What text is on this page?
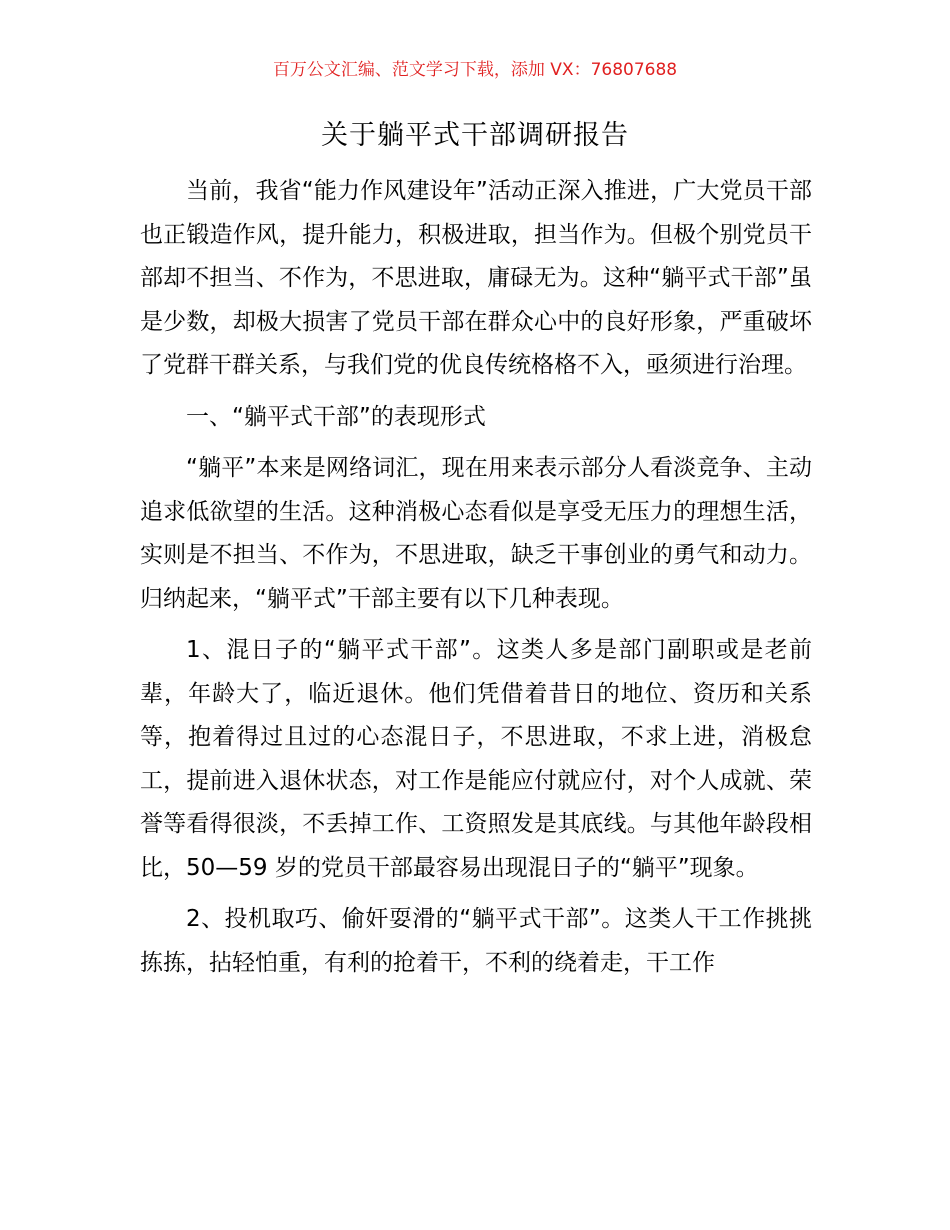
百万公文汇编、范文学习下载，添加 VX：76807688
关于躺平式干部调研报告

当前，我省“能力作风建设年”活动正深入推进，广大党员干部也正锻造作风，提升能力，积极进取，担当作为。但极个别党员干部却不担当、不作为，不思进取，庸碌无为。这种“躺平式干部”虽是少数，却极大损害了党员干部在群众心中的良好形象，严重破坏了党群干群关系，与我们党的优良传统格格不入，亟须进行治理。

一、“躺平式干部”的表现形式

“躺平”本来是网络词汇，现在用来表示部分人看淡竞争、主动追求低欲望的生活。这种消极心态看似是享受无压力的理想生活，实则是不担当、不作为，不思进取，缺乏干事创业的勇气和动力。归纳起来，“躺平式”干部主要有以下几种表现。

1、混日子的“躺平式干部”。这类人多是部门副职或是老前辈，年龄大了，临近退休。他们凭借着昔日的地位、资历和关系等，抱着得过且过的心态混日子，不思进取，不求上进，消极怠工，提前进入退休状态，对工作是能应付就应付，对个人成就、荣誉等看得很淡，不丢掉工作、工资照发是其底线。与其他年龄段相比，50—59 岁的党员干部最容易出现混日子的“躺平”现象。

2、投机取巧、偷奸耍滑的“躺平式干部”。这类人干工作挑挑拣拣，拈轻怕重，有利的抢着干，不利的绕着走，干工作
